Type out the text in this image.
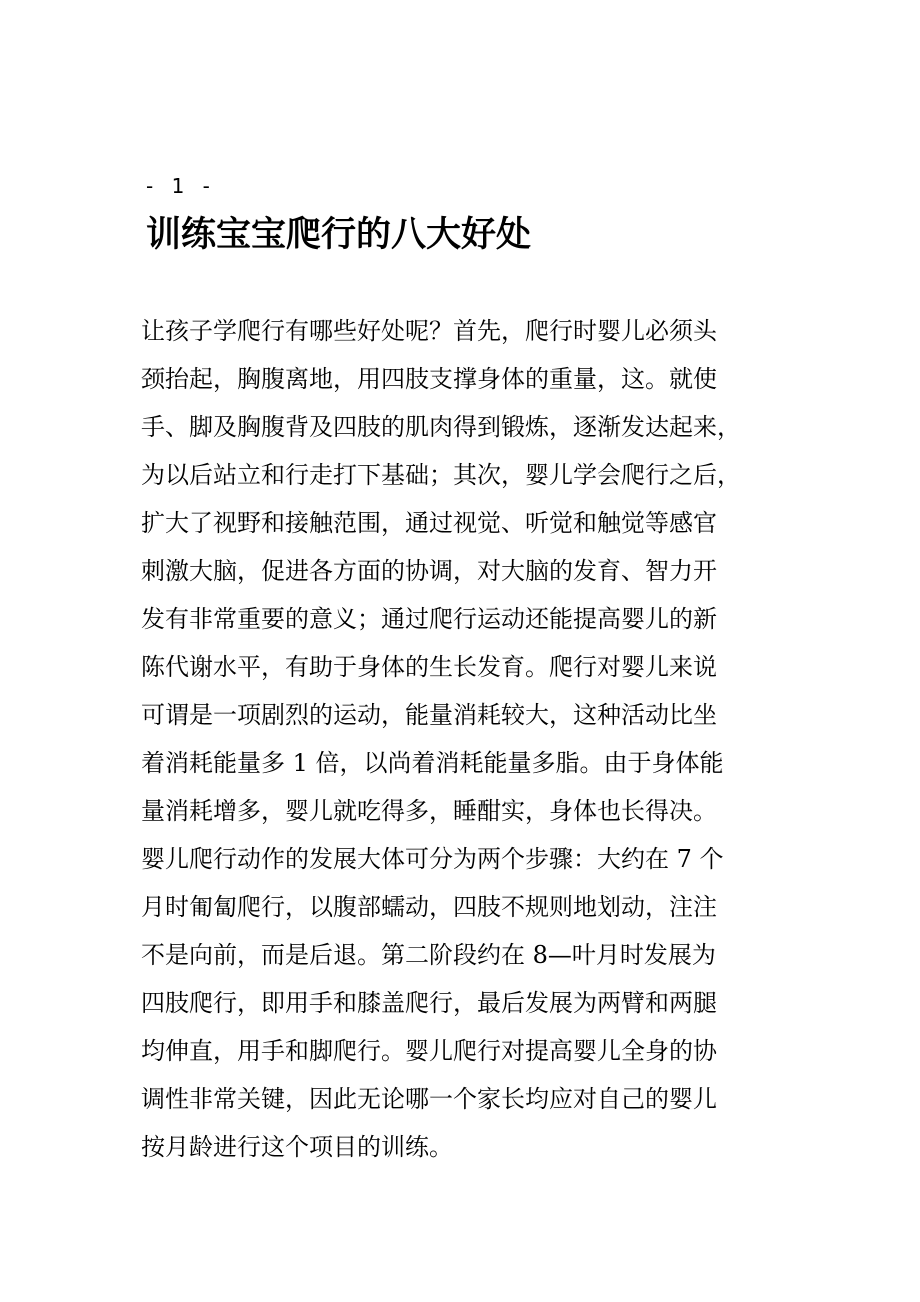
- 1 -
训练宝宝爬行的八大好处
让孩子学爬行有哪些好处呢？首先，爬行时婴儿必须头
颈抬起，胸腹离地，用四肢支撑身体的重量，这。就使
手、脚及胸腹背及四肢的肌肉得到锻炼，逐渐发达起来，
为以后站立和行走打下基础；其次，婴儿学会爬行之后，
扩大了视野和接触范围，通过视觉、听觉和触觉等感官
刺激大脑，促进各方面的协调，对大脑的发育、智力开
发有非常重要的意义；通过爬行运动还能提高婴儿的新
陈代谢水平，有助于身体的生长发育。爬行对婴儿来说
可谓是一项剧烈的运动，能量消耗较大，这种活动比坐
着消耗能量多 1 倍，以尚着消耗能量多脂。由于身体能
量消耗增多，婴儿就吃得多，睡酣实，身体也长得决。
婴儿爬行动作的发展大体可分为两个步骤：大约在 7 个
月时匍匐爬行，以腹部蠕动，四肢不规则地划动，注注
不是向前，而是后退。第二阶段约在 8—叶月时发展为
四肢爬行，即用手和膝盖爬行，最后发展为两臂和两腿
均伸直，用手和脚爬行。婴儿爬行对提高婴儿全身的协
调性非常关键，因此无论哪一个家长均应对自己的婴儿
按月龄进行这个项目的训练。
